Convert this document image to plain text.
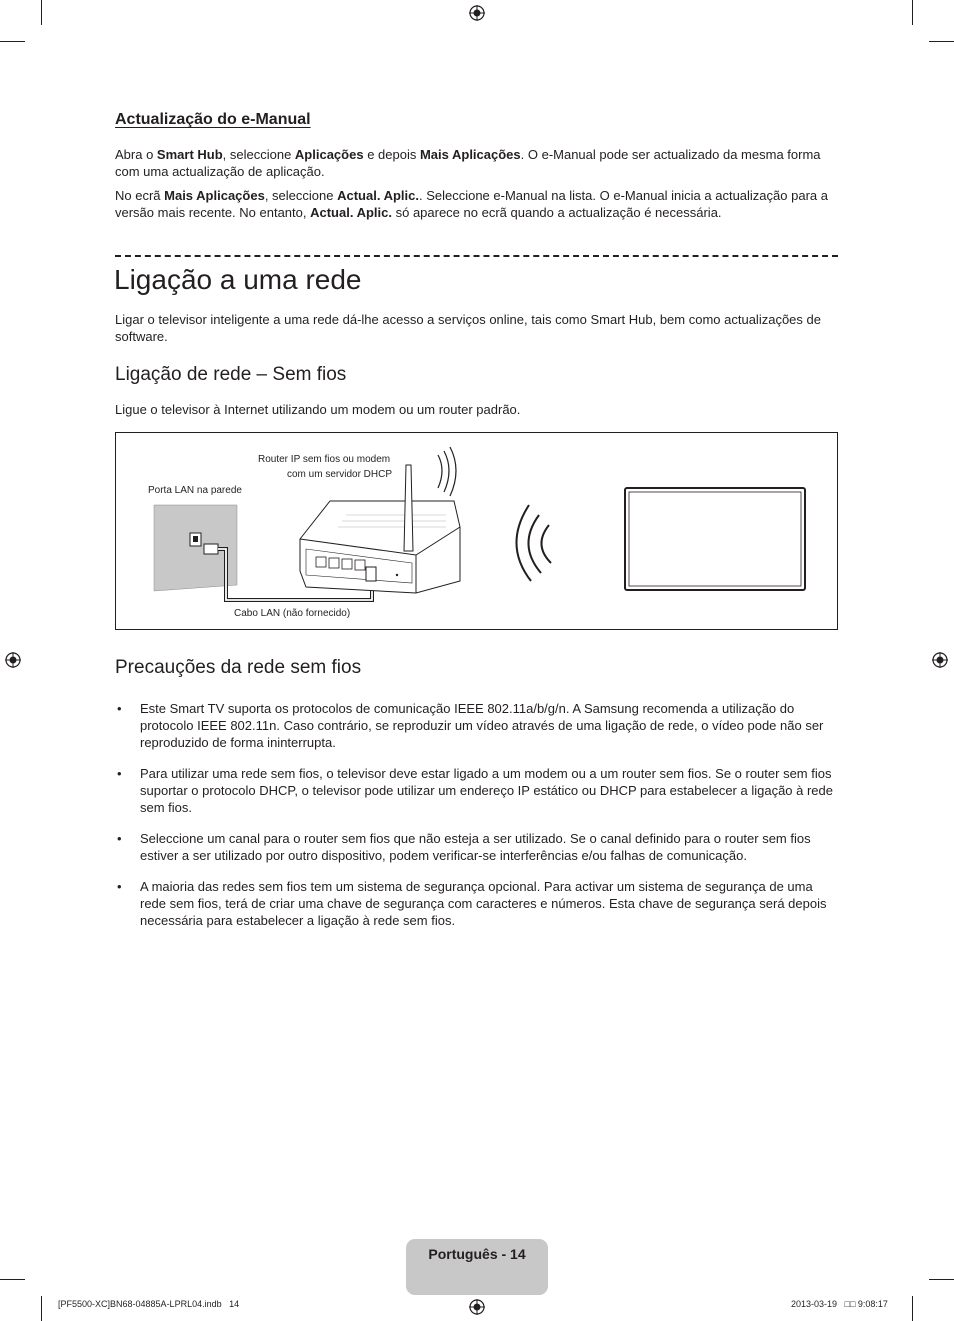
Actualização do e-Manual
Abra o Smart Hub, seleccione Aplicações e depois Mais Aplicações. O e-Manual pode ser actualizado da mesma forma com uma actualização de aplicação.
No ecrã Mais Aplicações, seleccione Actual. Aplic.. Seleccione e-Manual na lista. O e-Manual inicia a actualização para a versão mais recente. No entanto, Actual. Aplic. só aparece no ecrã quando a actualização é necessária.
Ligação a uma rede
Ligar o televisor inteligente a uma rede dá-lhe acesso a serviços online, tais como Smart Hub, bem como actualizações de software.
Ligação de rede – Sem fios
Ligue o televisor à Internet utilizando um modem ou um router padrão.
Router IP sem fios ou modem
com um servidor DHCP
Porta LAN na parede
Cabo LAN (não fornecido)
Precauções da rede sem fios
• Este Smart TV suporta os protocolos de comunicação IEEE 802.11a/b/g/n. A Samsung recomenda a utilização do protocolo IEEE 802.11n. Caso contrário, se reproduzir um vídeo através de uma ligação de rede, o vídeo pode não ser reproduzido de forma ininterrupta.
• Para utilizar uma rede sem fios, o televisor deve estar ligado a um modem ou a um router sem fios. Se o router sem fios suportar o protocolo DHCP, o televisor pode utilizar um endereço IP estático ou DHCP para estabelecer a ligação à rede sem fios.
• Seleccione um canal para o router sem fios que não esteja a ser utilizado. Se o canal definido para o router sem fios estiver a ser utilizado por outro dispositivo, podem verificar-se interferências e/ou falhas de comunicação.
• A maioria das redes sem fios tem um sistema de segurança opcional. Para activar um sistema de segurança de uma rede sem fios, terá de criar uma chave de segurança com caracteres e números. Esta chave de segurança será depois necessária para estabelecer a ligação à rede sem fios.
Português - 14
[PF5500-XC]BN68-04885A-LPRL04.indb   14	2013-03-19   □□ 9:08:17
